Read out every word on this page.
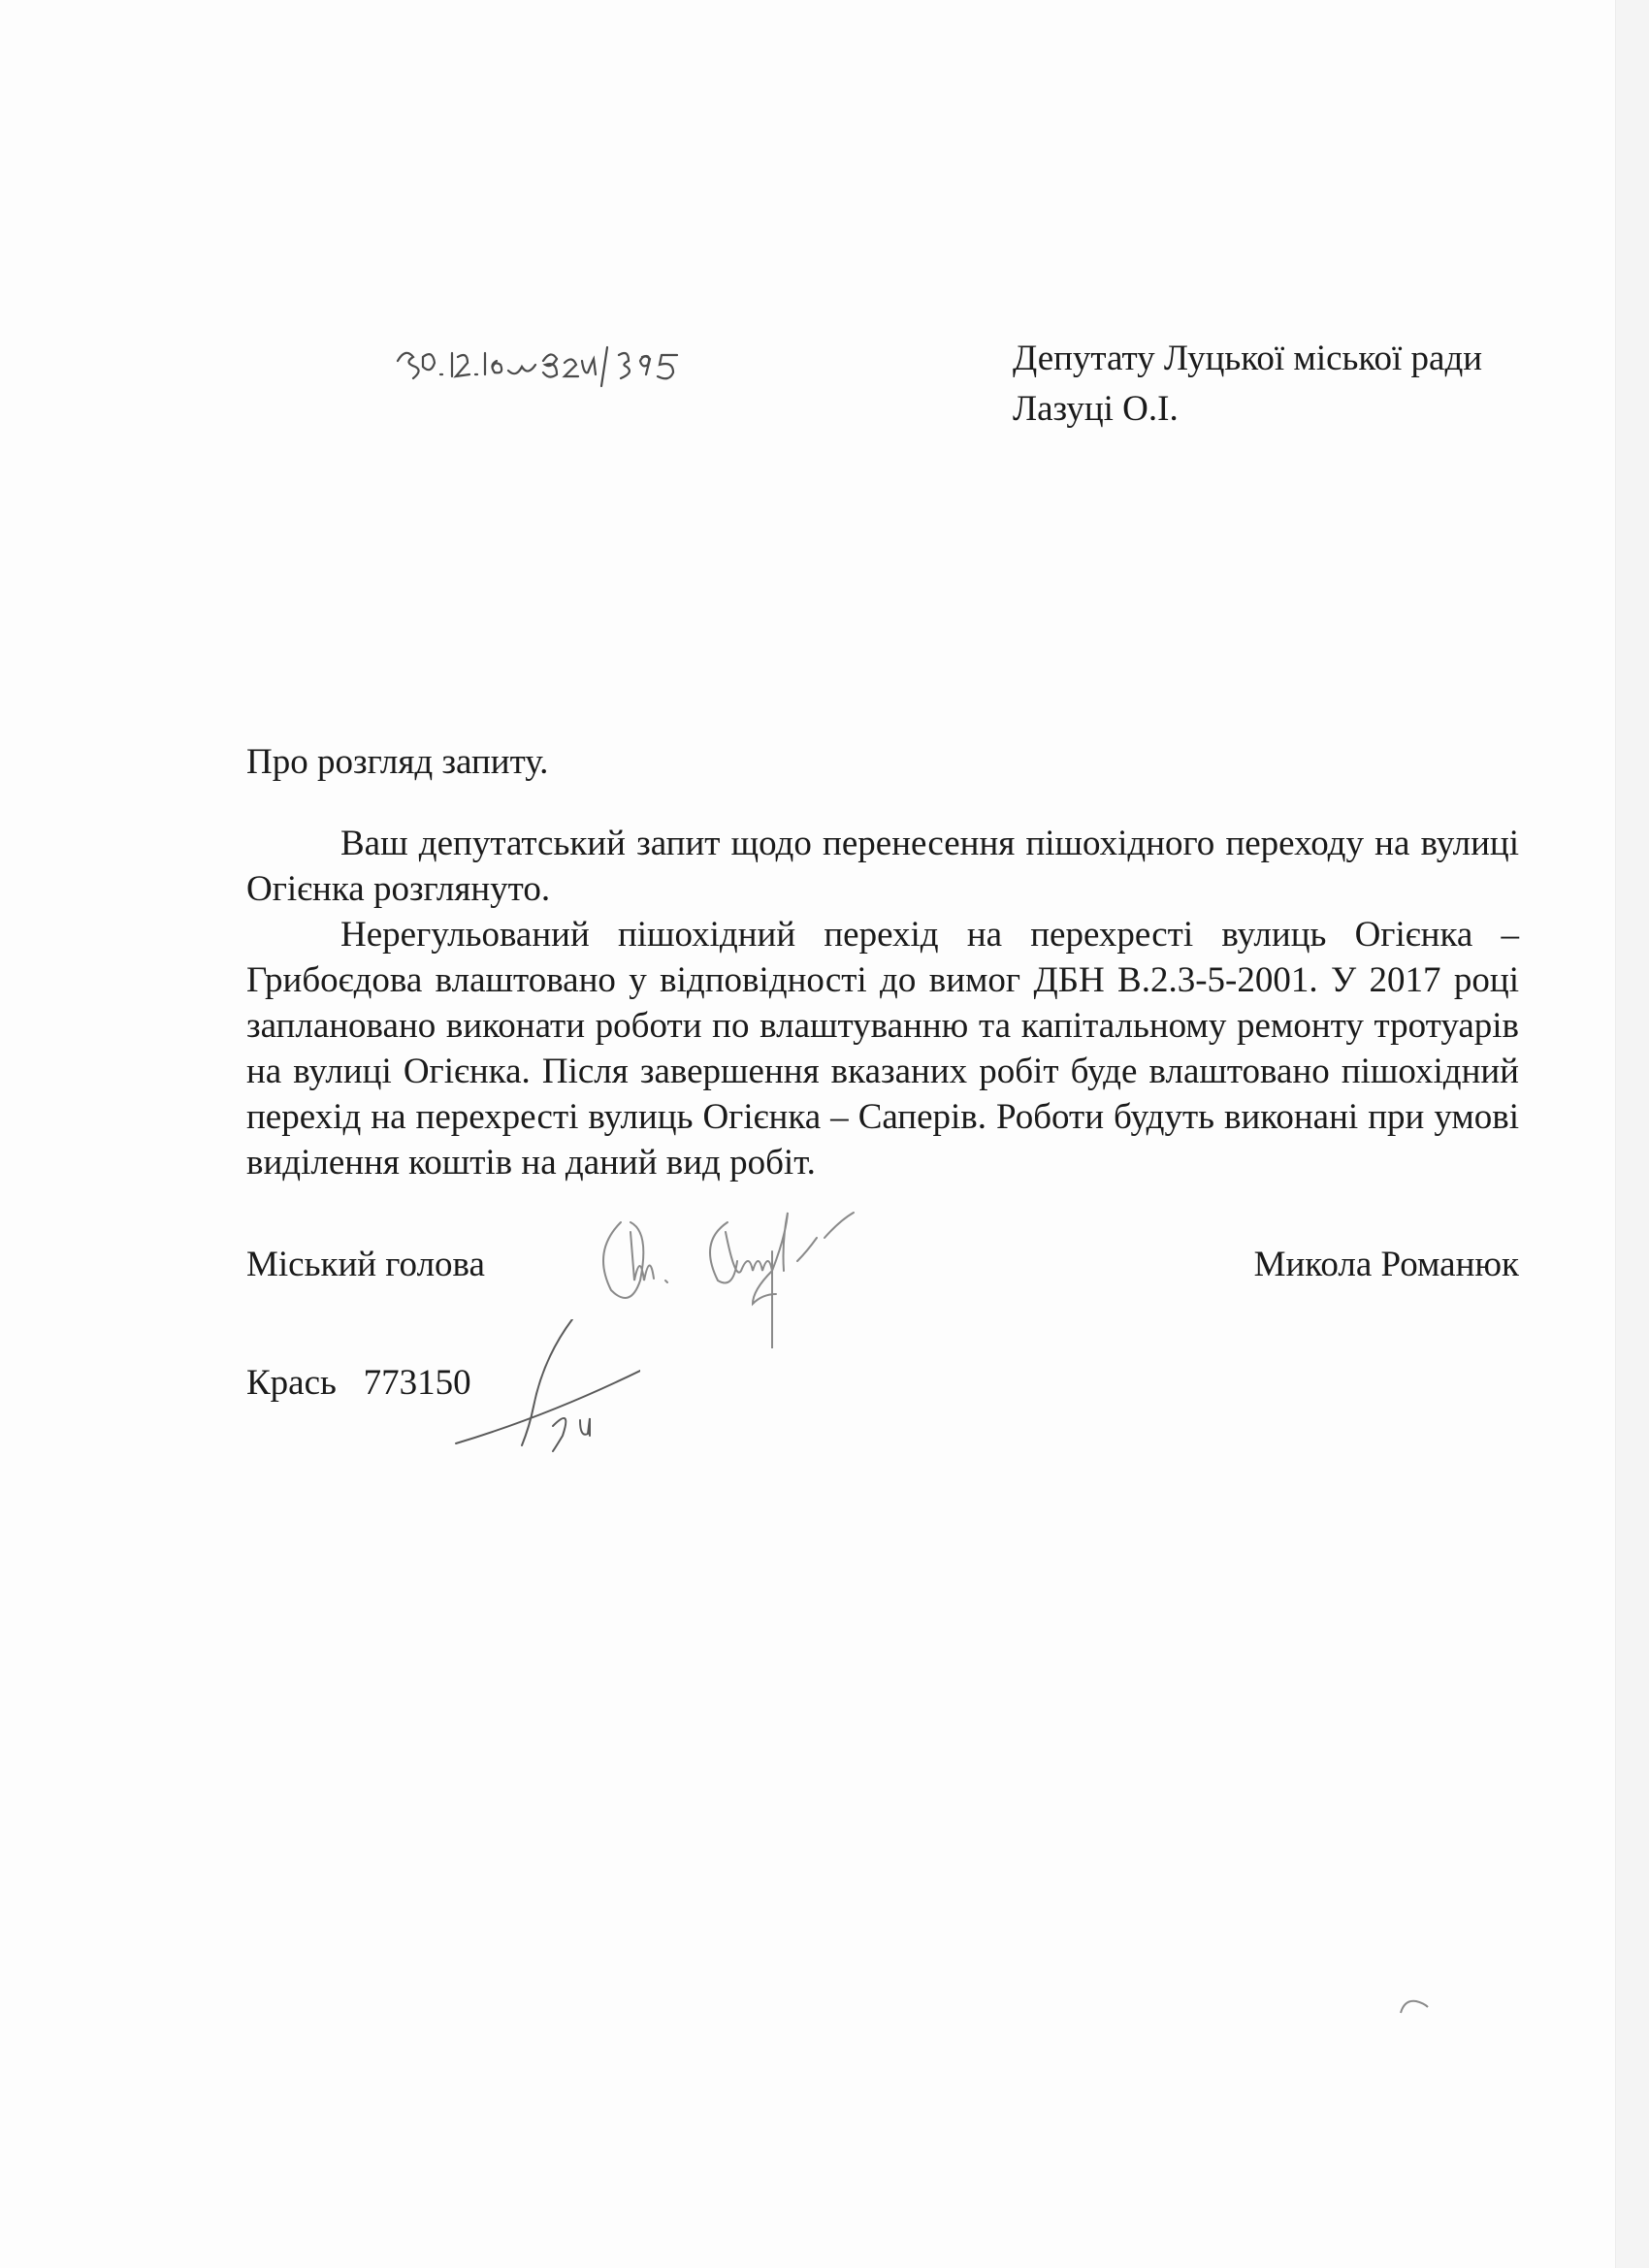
Депутату Луцької міської ради
Лазуці О.І.
Про розгляд запиту.

Ваш депутатський запит щодо перенесення пішохідного переходу на вулиці Огієнка розглянуто.

Нерегульований пішохідний перехід на перехресті вулиць Огієнка – Грибоєдова влаштовано у відповідності до вимог ДБН В.2.3-5-2001. У 2017 році заплановано виконати роботи по влаштуванню та капітальному ремонту тротуарів на вулиці Огієнка. Після завершення вказаних робіт буде влаштовано пішохідний перехід на перехресті вулиць Огієнка – Саперів. Роботи будуть виконані при умові виділення коштів на даний вид робіт.

Міський голова	Микола Романюк
Крась   773150
